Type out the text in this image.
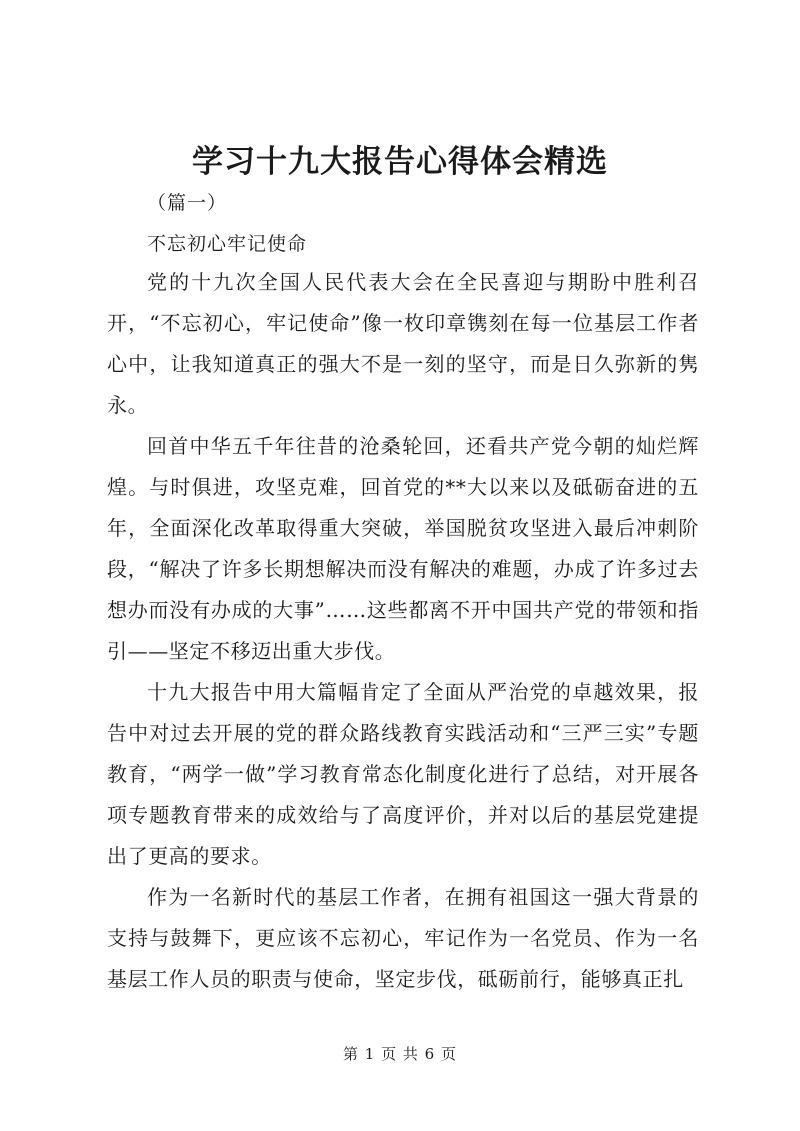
学习十九大报告心得体会精选
（篇一）
不忘初心牢记使命

党的十九次全国人民代表大会在全民喜迎与期盼中胜利召开，“不忘初心，牢记使命”像一枚印章镌刻在每一位基层工作者心中，让我知道真正的强大不是一刻的坚守，而是日久弥新的隽永。

回首中华五千年往昔的沧桑轮回，还看共产党今朝的灿烂辉煌。与时俱进，攻坚克难，回首党的**大以来以及砥砺奋进的五年，全面深化改革取得重大突破，举国脱贫攻坚进入最后冲刺阶段，“解决了许多长期想解决而没有解决的难题，办成了许多过去想办而没有办成的大事”……这些都离不开中国共产党的带领和指引——坚定不移迈出重大步伐。

十九大报告中用大篇幅肯定了全面从严治党的卓越效果，报告中对过去开展的党的群众路线教育实践活动和“三严三实”专题教育，“两学一做”学习教育常态化制度化进行了总结，对开展各项专题教育带来的成效给与了高度评价，并对以后的基层党建提出了更高的要求。

作为一名新时代的基层工作者，在拥有祖国这一强大背景的支持与鼓舞下，更应该不忘初心，牢记作为一名党员、作为一名基层工作人员的职责与使命，坚定步伐，砥砺前行，能够真正扎

第 1 页 共 6 页
